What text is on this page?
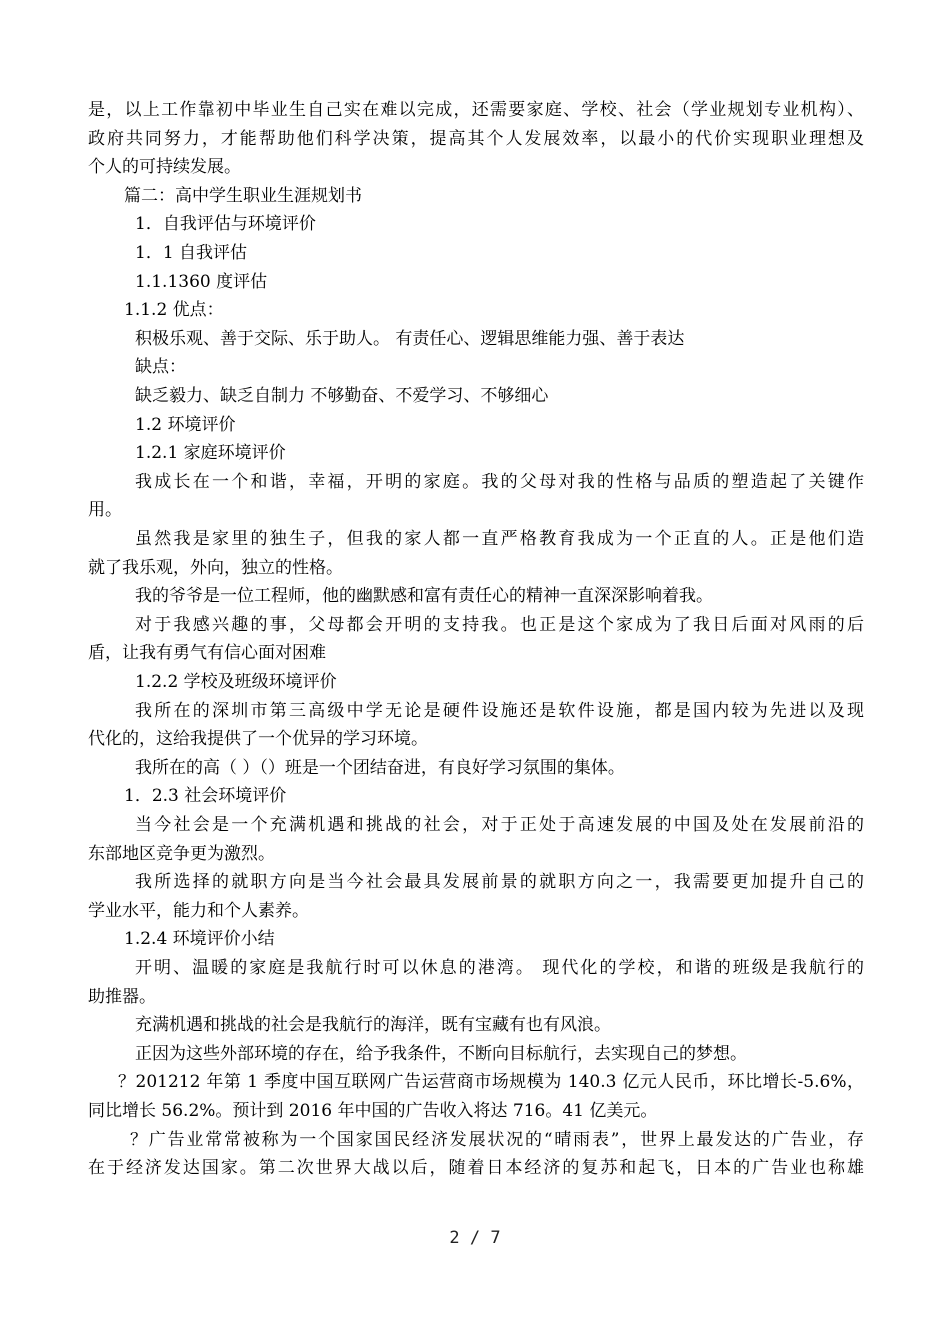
是，以上工作靠初中毕业生自己实在难以完成，还需要家庭、学校、社会（学业规划专业机构）、
政府共同努力，才能帮助他们科学决策，提高其个人发展效率，以最小的代价实现职业理想及
个人的可持续发展。
篇二：高中学生职业生涯规划书
1．自我评估与环境评价
1．1 自我评估
1.1.1360 度评估
1.1.2 优点：
积极乐观、善于交际、乐于助人。 有责任心、逻辑思维能力强、善于表达
缺点：
缺乏毅力、缺乏自制力 不够勤奋、不爱学习、不够细心
1.2 环境评价
1.2.1 家庭环境评价
我成长在一个和谐，幸福，开明的家庭。我的父母对我的性格与品质的塑造起了关键作
用。
虽然我是家里的独生子，但我的家人都一直严格教育我成为一个正直的人。正是他们造
就了我乐观，外向，独立的性格。
我的爷爷是一位工程师，他的幽默感和富有责任心的精神一直深深影响着我。
对于我感兴趣的事，父母都会开明的支持我。也正是这个家成为了我日后面对风雨的后
盾，让我有勇气有信心面对困难
1.2.2 学校及班级环境评价
我所在的深圳市第三高级中学无论是硬件设施还是软件设施，都是国内较为先进以及现
代化的，这给我提供了一个优异的学习环境。
我所在的高（ ）（）班是一个团结奋进，有良好学习氛围的集体。
1．2.3 社会环境评价
当今社会是一个充满机遇和挑战的社会，对于正处于高速发展的中国及处在发展前沿的
东部地区竞争更为激烈。
我所选择的就职方向是当今社会最具发展前景的就职方向之一，我需要更加提升自己的
学业水平，能力和个人素养。
1.2.4 环境评价小结
开明、温暖的家庭是我航行时可以休息的港湾。 现代化的学校，和谐的班级是我航行的
助推器。
充满机遇和挑战的社会是我航行的海洋，既有宝藏有也有风浪。
正因为这些外部环境的存在，给予我条件，不断向目标航行，去实现自己的梦想。
？201212 年第 1 季度中国互联网广告运营商市场规模为 140.3 亿元人民币，环比增长-5.6%，
同比增长 56.2%。预计到 2016 年中国的广告收入将达 716。41 亿美元。
？广告业常常被称为一个国家国民经济发展状况的“晴雨表”，世界上最发达的广告业，存
在于经济发达国家。第二次世界大战以后，随着日本经济的复苏和起飞，日本的广告业也称雄
2 / 7
